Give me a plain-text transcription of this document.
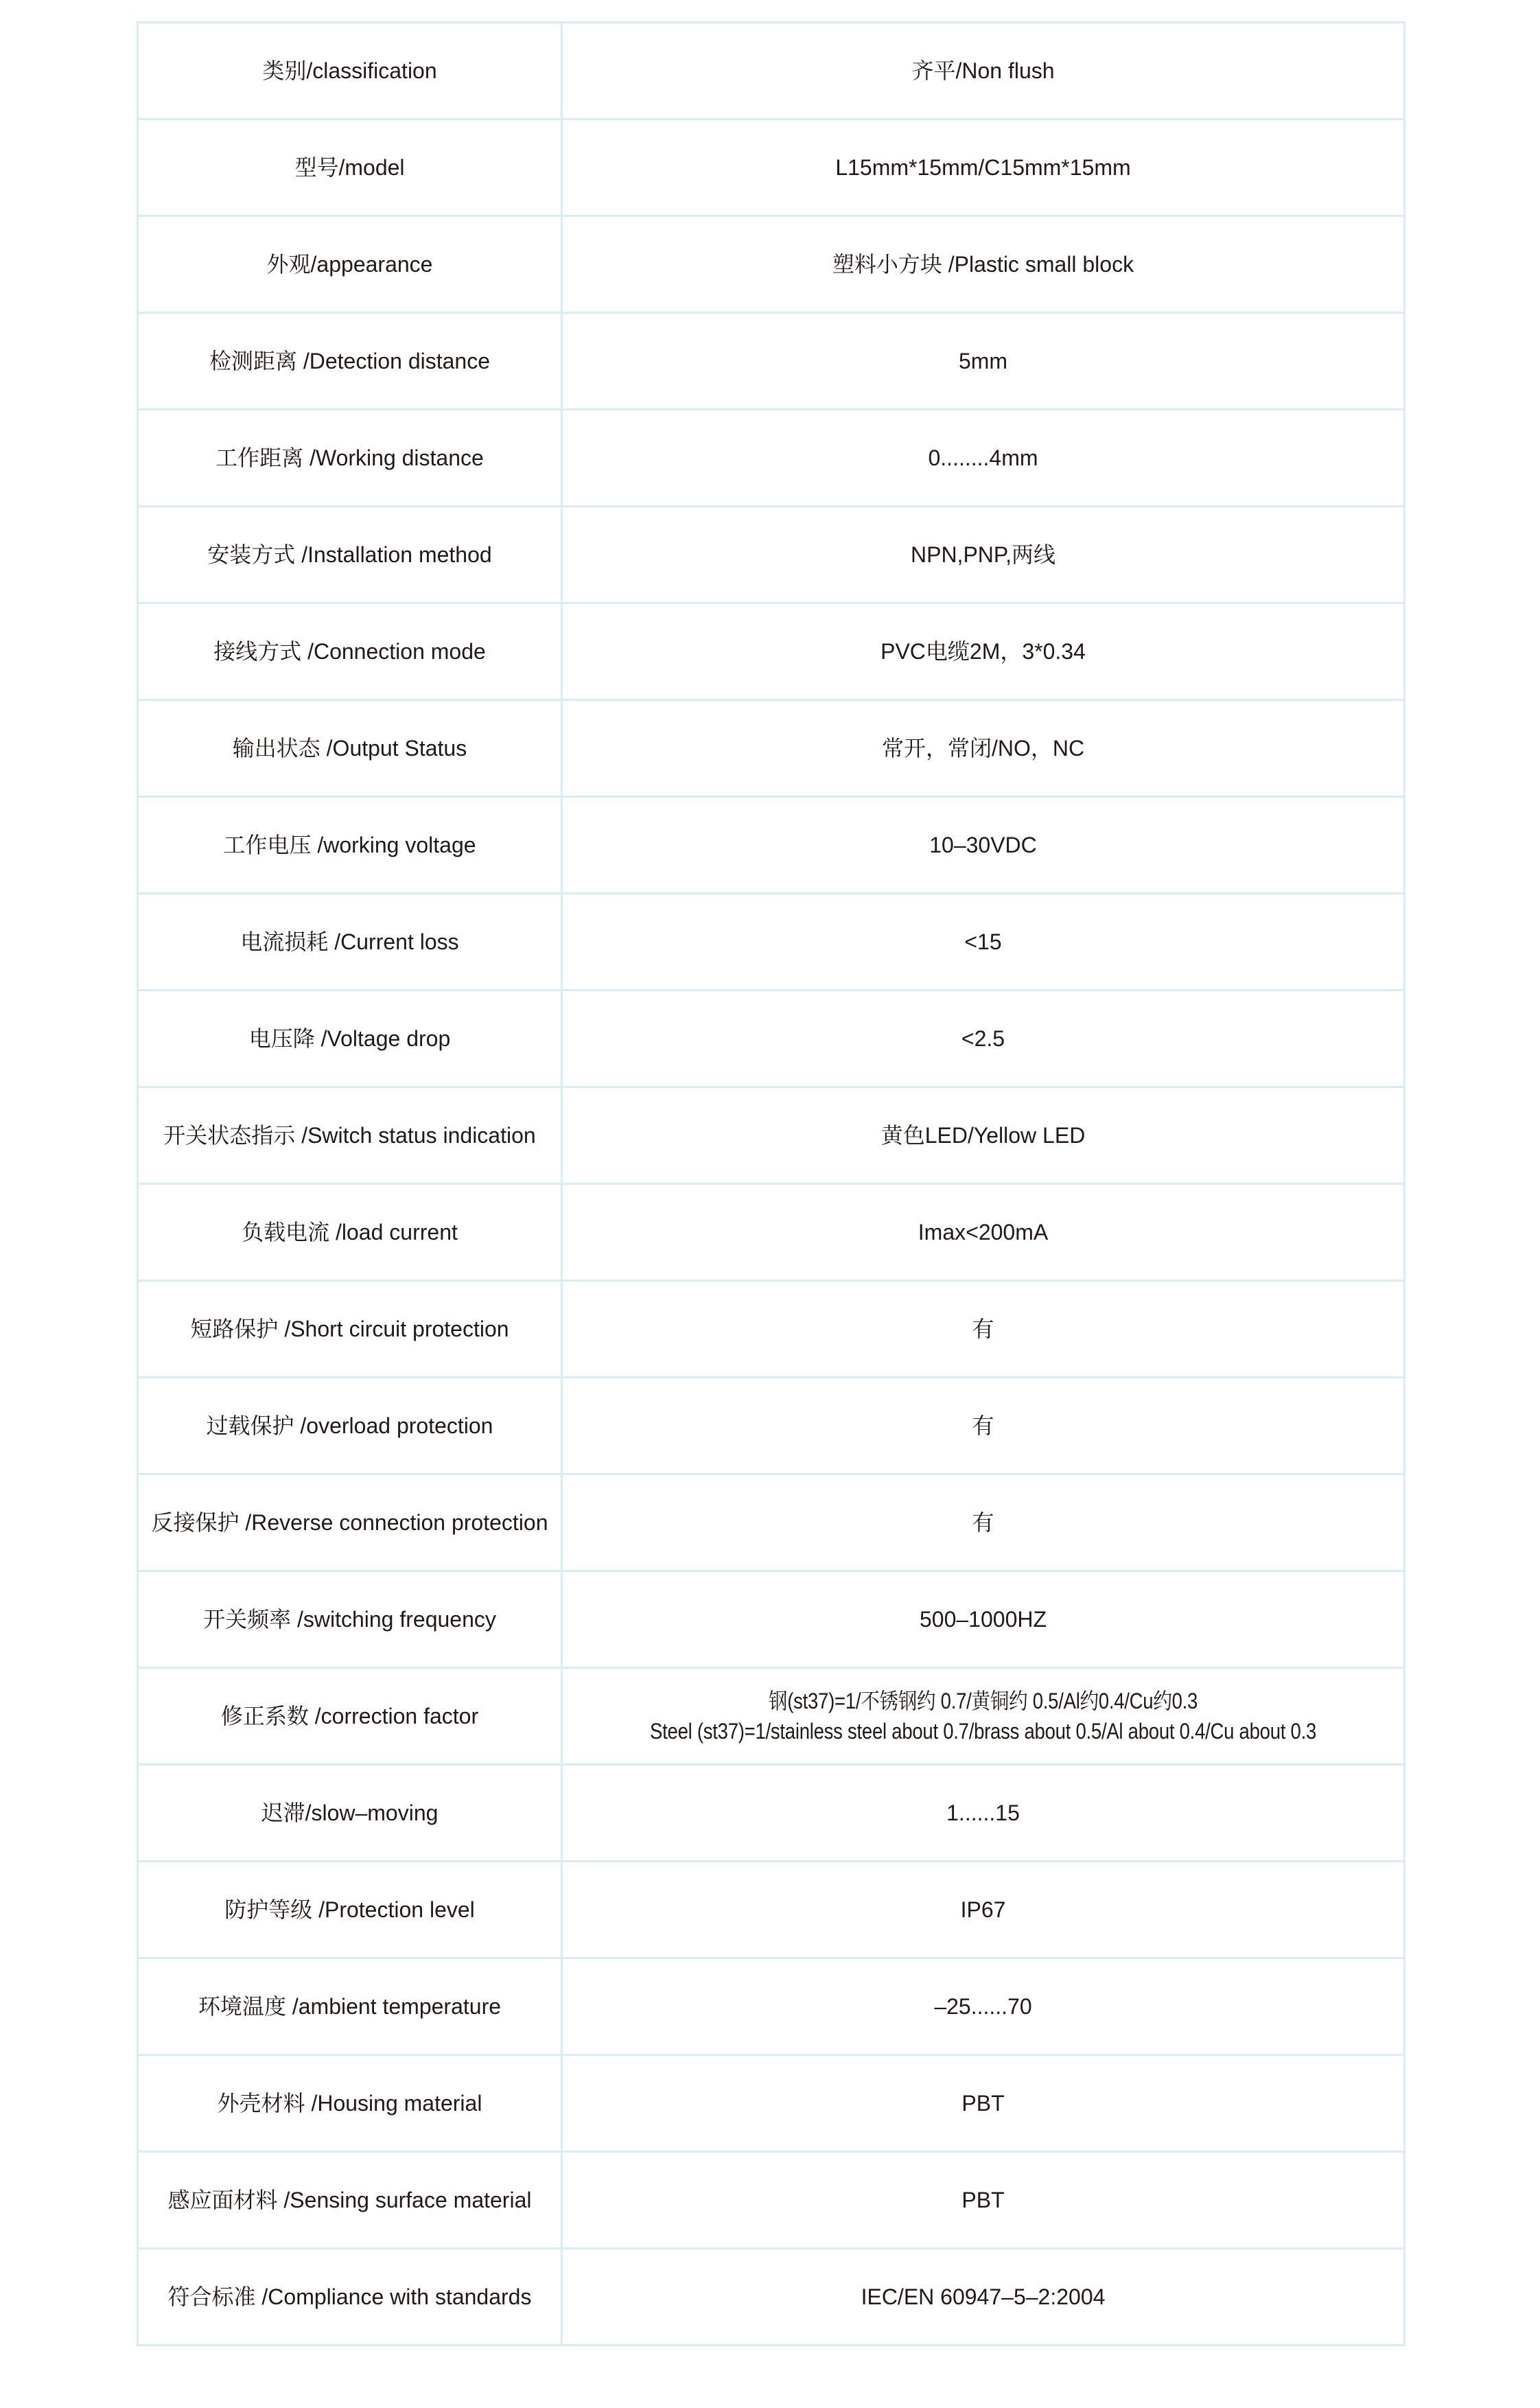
类别/classification	齐平/Non flush
型号/model	L15mm*15mm/C15mm*15mm
外观/appearance	塑料小方块 /Plastic small block
检测距离 /Detection distance	5mm
工作距离 /Working distance	0........4mm
安装方式 /Installation method	NPN,PNP,两线
接线方式 /Connection mode	PVC电缆2M，3*0.34
输出状态 /Output Status	常开，常闭/NO，NC
工作电压 /working voltage	10–30VDC
电流损耗 /Current loss	<15
电压降 /Voltage drop	<2.5
开关状态指示 /Switch status indication	黄色LED/Yellow LED
负载电流 /load current	Imax<200mA
短路保护 /Short circuit protection	有
过载保护 /overload protection	有
反接保护 /Reverse connection protection	有
开关频率 /switching frequency	500–1000HZ
修正系数 /correction factor	钢(st37)=1/不锈钢约 0.7/黄铜约 0.5/Al约0.4/Cu约0.3
Steel (st37)=1/stainless steel about 0.7/brass about 0.5/Al about 0.4/Cu about 0.3

迟滞/slow–moving	1......15
防护等级 /Protection level	IP67
环境温度 /ambient temperature	–25......70
外壳材料 /Housing material	PBT
感应面材料 /Sensing surface material	PBT
符合标准 /Compliance with standards	IEC/EN 60947–5–2:2004
